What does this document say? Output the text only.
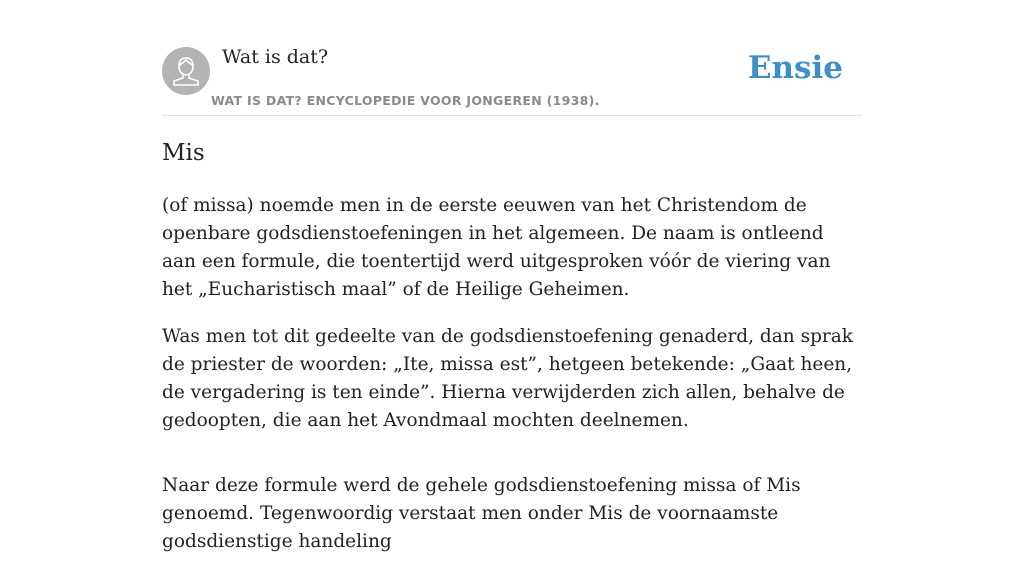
Wat is dat?
WAT IS DAT? ENCYCLOPEDIE VOOR JONGEREN (1938).
Ensie
Mis

(of missa) noemde men in de eerste eeuwen van het Christendom de openbare godsdienstoefeningen in het algemeen. De naam is ontleend aan een formule, die toentertijd werd uitgesproken vóór de viering van het „Eucharistisch maal” of de Heilige Geheimen.

Was men tot dit gedeelte van de godsdienstoefening genaderd, dan sprak de priester de woorden: „Ite, missa est”, hetgeen betekende: „Gaat heen, de vergadering is ten einde”. Hierna verwijderden zich allen, behalve de gedoopten, die aan het Avondmaal mochten deelnemen.

Naar deze formule werd de gehele godsdienstoefening missa of Mis genoemd. Tegenwoordig verstaat men onder Mis de voornaamste godsdienstige handeling
